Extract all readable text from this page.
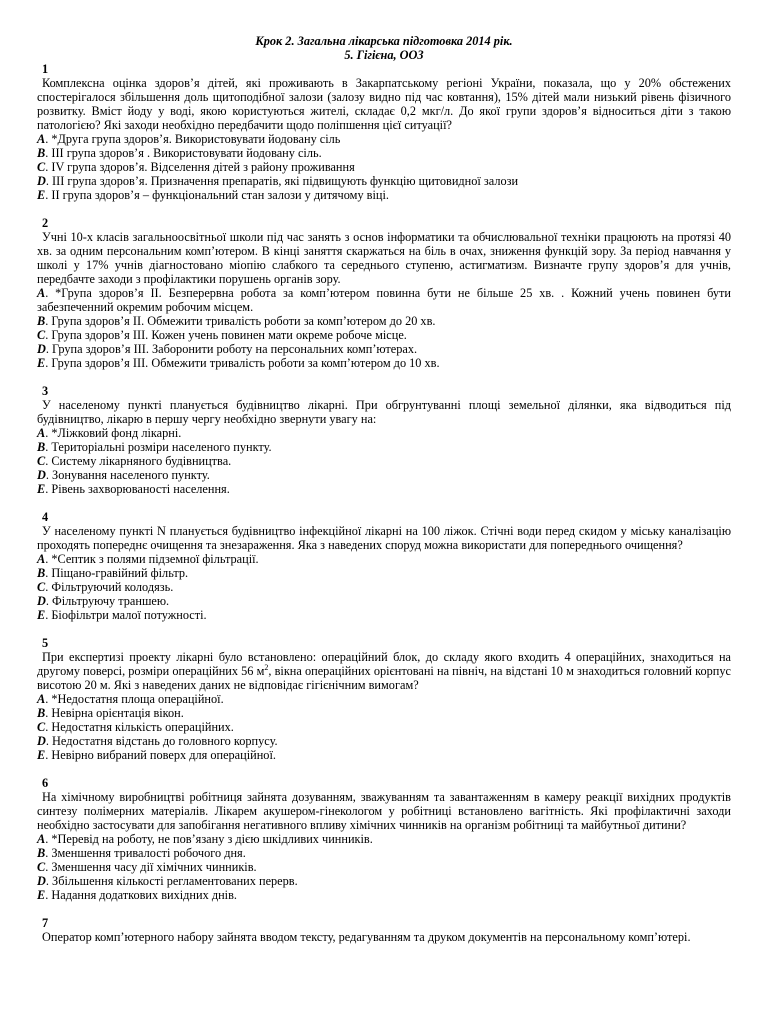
Крок 2. Загальна лікарська підготовка 2014 рік.
5. Гігієна, ООЗ
1
Комплексна оцінка здоров’я дітей, які проживають в Закарпатському регіоні України, показала, що у 20% обстежених спостерігалося збільшення доль щитоподібної залози (залозу видно під час ковтання), 15% дітей мали низький рівень фізичного розвитку. Вміст йоду у воді, якою користуються жителі, складає 0,2 мкг/л. До якої групи здоров’я відноситься діти з такою патологією? Які заходи необхідно передбачити щодо поліпшення цієї ситуації?
A. *Друга група здоров’я. Використовувати йодовану сіль
B. III група здоров’я . Використовувати йодовану сіль.
C. IV група здоров’я. Відселення дітей з району проживання
D. III група здоров’я. Призначення препаратів, які підвищують функцію щитовидної залози
E. II група здоров’я – функціональний стан залози у дитячому віці.
2
Учні 10-х класів загальноосвітньої школи під час занять з основ інформатики та обчислювальної техніки працюють на протязі 40 хв. за одним персональним комп’ютером. В кінці заняття скаржаться на біль в очах, зниження функцій зору. За період навчання у школі у 17% учнів діагностовано міопію слабкого та середнього ступеню, астигматизм. Визначте групу здоров’я для учнів, передбачте заходи з профілактики порушень органів зору.
A. *Група здоров’я II. Безперервна робота за комп’ютером повинна бути не більше 25 хв. . Кожний учень повинен бути забезпеченний окремим робочим місцем.
B. Група здоров’я II. Обмежити тривалість роботи за комп’ютером до 20 хв.
C. Група здоров’я III. Кожен учень повинен мати окреме робоче місце.
D. Група здоров’я III. Заборонити роботу на персональних комп’ютерах.
E. Група здоров’я III. Обмежити тривалість роботи за комп’ютером до 10 хв.
3
У населеному пункті планується будівництво лікарні. При обгрунтуванні площі земельної ділянки, яка відводиться під будівництво, лікарю в першу чергу необхідно звернути увагу на:
A. *Ліжковий фонд лікарні.
B. Територіальні розміри населеного пункту.
C. Систему лікарняного будівництва.
D. Зонування населеного пункту.
E. Рівень захворюваності населення.
4
У населеному пункті N планується будівництво інфекційної лікарні на 100 ліжок. Стічні води перед скидом у міську каналізацію проходять попереднє очищення та знезараження. Яка з наведених споруд можна використати для попереднього очищення?
A. *Септик з полями підземної фільтрації.
B. Піщано-гравійний фільтр.
C. Фільтруючий колодязь.
D. Фільтруючу траншею.
E. Біофільтри малої потужності.
5
При експертизі проекту лікарні було встановлено: операційний блок, до складу якого входить 4 операційних, знаходиться на другому поверсі, розміри операційних 56 $м^2$, вікна операційних орієнтовані на північ, на відстані 10 м знаходиться головний корпус висотою 20 м. Які з наведених даних не відповідає гігієнічним вимогам?
A. *Недостатня площа операційної.
B. Невірна орієнтація вікон.
C. Недостатня кількість операційних.
D. Недостатня відстань до головного корпусу.
E. Невірно вибраний поверх для операційної.
6
На хімічному виробництві робітниця зайнята дозуванням, зважуванням та завантаженням в камеру реакції вихідних продуктів синтезу полімерних матеріалів. Лікарем акушером-гінекологом у робітниці встановлено вагітність. Які профілактичні заходи необхідно застосувати для запобігання негативного впливу хімічних чинників на організм робітниці та майбутньої дитини?
A. *Перевід на роботу, не пов’язану з дією шкідливих чинників.
B. Зменшення тривалості робочого дня.
C. Зменшення часу дії хімічних чинників.
D. Збільшення кількості регламентованих перерв.
E. Надання додаткових вихідних днів.
7
Оператор комп’ютерного набору зайнята вводом тексту, редагуванням та друком документів на персональному комп’ютері.
